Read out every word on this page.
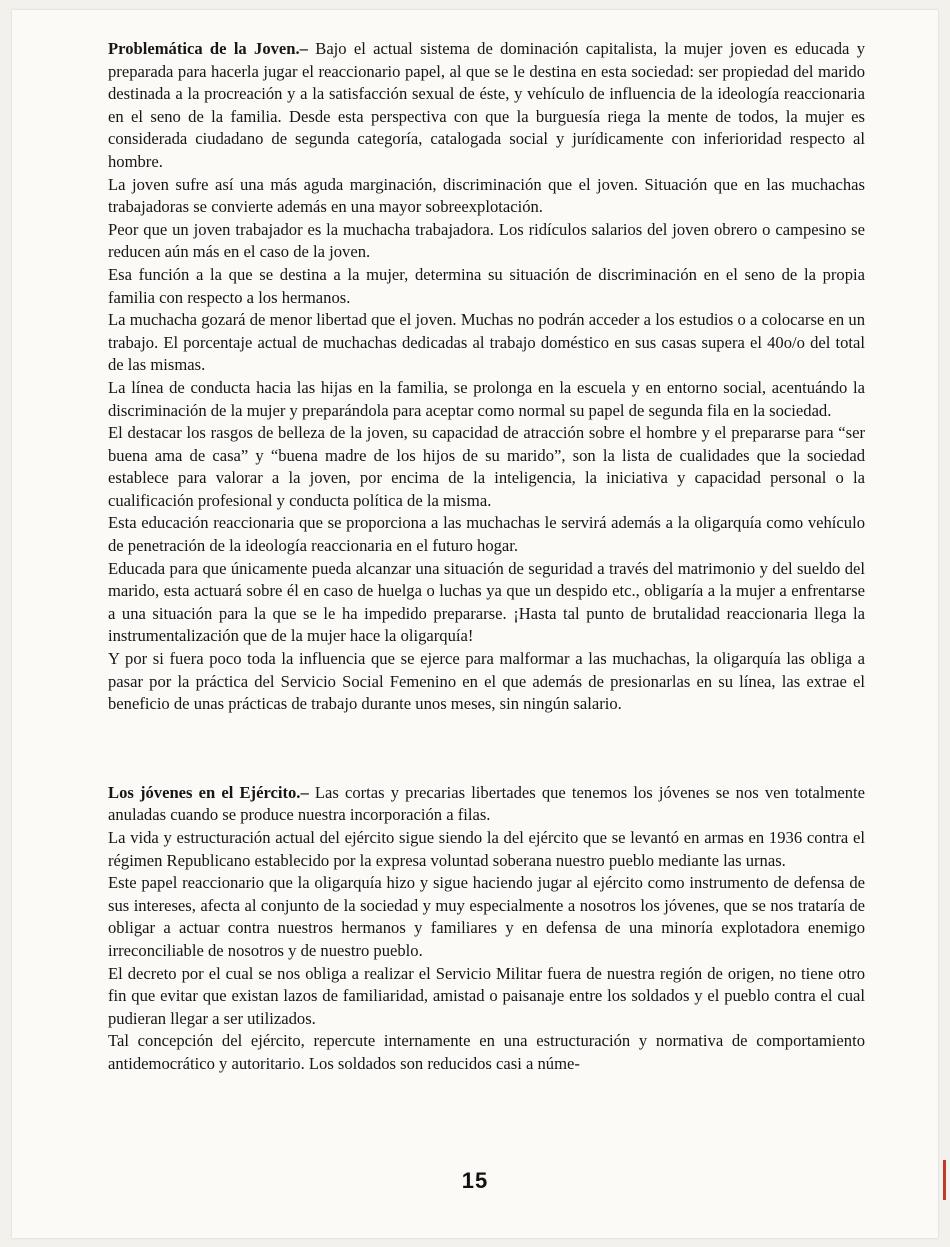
Problemática de la Joven.– Bajo el actual sistema de dominación capitalista, la mujer joven es educada y preparada para hacerla jugar el reaccionario papel, al que se le destina en esta sociedad: ser propiedad del marido destinada a la procreación y a la satisfacción sexual de éste, y vehículo de influencia de la ideología reaccionaria en el seno de la familia. Desde esta perspectiva con que la burguesía riega la mente de todos, la mujer es considerada ciudadano de segunda categoría, catalogada social y jurídicamente con inferioridad respecto al hombre.

La joven sufre así una más aguda marginación, discriminación que el joven. Situación que en las muchachas trabajadoras se convierte además en una mayor sobreexplotación.

Peor que un joven trabajador es la muchacha trabajadora. Los ridículos salarios del joven obrero o campesino se reducen aún más en el caso de la joven.

Esa función a la que se destina a la mujer, determina su situación de discriminación en el seno de la propia familia con respecto a los hermanos.

La muchacha gozará de menor libertad que el joven. Muchas no podrán acceder a los estudios o a colocarse en un trabajo. El porcentaje actual de muchachas dedicadas al trabajo doméstico en sus casas supera el 40o/o del total de las mismas.

La línea de conducta hacia las hijas en la familia, se prolonga en la escuela y en entorno social, acentuándo la discriminación de la mujer y preparándola para aceptar como normal su papel de segunda fila en la sociedad.

El destacar los rasgos de belleza de la joven, su capacidad de atracción sobre el hombre y el prepararse para “ser buena ama de casa” y “buena madre de los hijos de su marido”, son la lista de cualidades que la sociedad establece para valorar a la joven, por encima de la inteligencia, la iniciativa y capacidad personal o la cualificación profesional y conducta política de la misma.

Esta educación reaccionaria que se proporciona a las muchachas le servirá además a la oligarquía como vehículo de penetración de la ideología reaccionaria en el futuro hogar.

Educada para que únicamente pueda alcanzar una situación de seguridad a través del matrimonio y del sueldo del marido, esta actuará sobre él en caso de huelga o luchas ya que un despido etc., obligaría a la mujer a enfrentarse a una situación para la que se le ha impedido prepararse. ¡Hasta tal punto de brutalidad reaccionaria llega la instrumentalización que de la mujer hace la oligarquía!

Y por si fuera poco toda la influencia que se ejerce para malformar a las muchachas, la oligarquía las obliga a pasar por la práctica del Servicio Social Femenino en el que además de presionarlas en su línea, las extrae el beneficio de unas prácticas de trabajo durante unos meses, sin ningún salario.

Los jóvenes en el Ejército.– Las cortas y precarias libertades que tenemos los jóvenes se nos ven totalmente anuladas cuando se produce nuestra incorporación a filas.

La vida y estructuración actual del ejército sigue siendo la del ejército que se levantó en armas en 1936 contra el régimen Republicano establecido por la expresa voluntad soberana nuestro pueblo mediante las urnas.

Este papel reaccionario que la oligarquía hizo y sigue haciendo jugar al ejército como instrumento de defensa de sus intereses, afecta al conjunto de la sociedad y muy especialmente a nosotros los jóvenes, que se nos trataría de obligar a actuar contra nuestros hermanos y familiares y en defensa de una minoría explotadora enemigo irreconciliable de nosotros y de nuestro pueblo.

El decreto por el cual se nos obliga a realizar el Servicio Militar fuera de nuestra región de origen, no tiene otro fin que evitar que existan lazos de familiaridad, amistad o paisanaje entre los soldados y el pueblo contra el cual pudieran llegar a ser utilizados.

Tal concepción del ejército, repercute internamente en una estructuración y normativa de comportamiento antidemocrático y autoritario. Los soldados son reducidos casi a núme-

15
